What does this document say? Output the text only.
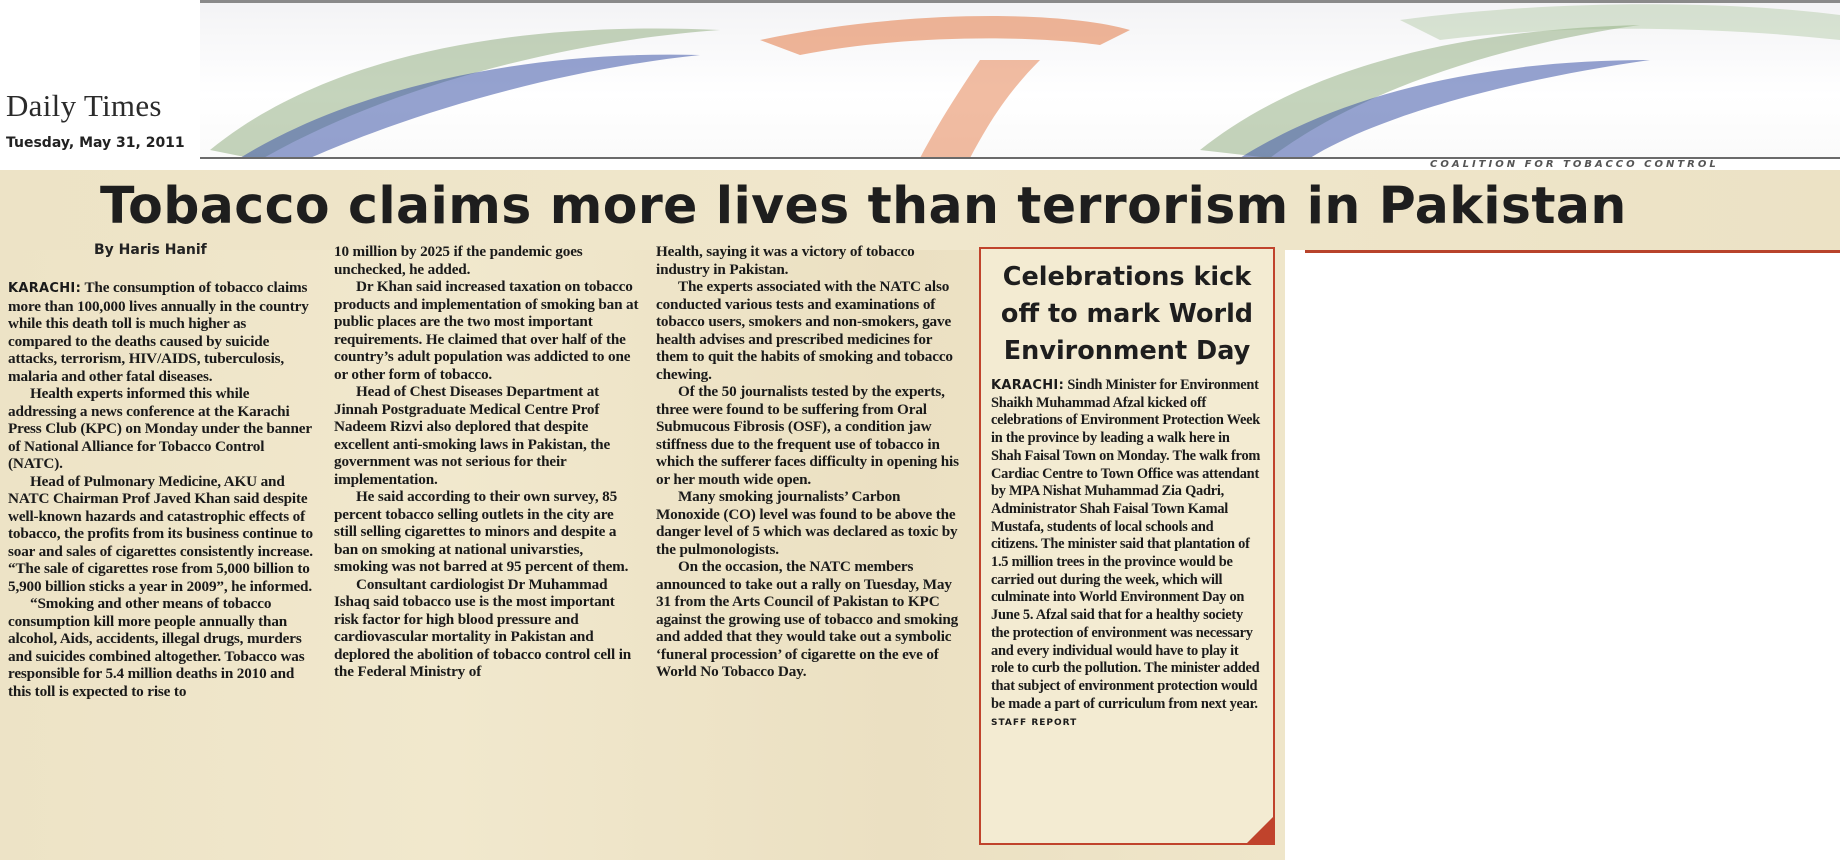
Daily Times
Tuesday, May 31, 2011
COALITION FOR TOBACCO CONTROL
Tobacco claims more lives than terrorism in Pakistan
By Haris Hanif

KARACHI: The consumption of tobacco claims more than 100,000 lives annually in the country while this death toll is much higher as compared to the deaths caused by suicide attacks, terrorism, HIV/AIDS, tuberculosis, malaria and other fatal diseases.

Health experts informed this while addressing a news conference at the Karachi Press Club (KPC) on Monday under the banner of National Alliance for Tobacco Control (NATC).

Head of Pulmonary Medicine, AKU and NATC Chairman Prof Javed Khan said despite well-known hazards and catastrophic effects of tobacco, the profits from its business continue to soar and sales of cigarettes consistently increase. “The sale of cigarettes rose from 5,000 billion to 5,900 billion sticks a year in 2009”, he informed.

“Smoking and other means of tobacco consumption kill more people annually than alcohol, Aids, accidents, illegal drugs, murders and suicides combined altogether. Tobacco was responsible for 5.4 million deaths in 2010 and this toll is expected to rise to

10 million by 2025 if the pandemic goes unchecked, he added.

Dr Khan said increased taxation on tobacco products and implementation of smoking ban at public places are the two most important requirements. He claimed that over half of the country’s adult population was addicted to one or other form of tobacco.

Head of Chest Diseases Department at Jinnah Postgraduate Medical Centre Prof Nadeem Rizvi also deplored that despite excellent anti-smoking laws in Pakistan, the government was not serious for their implementation.

He said according to their own survey, 85 percent tobacco selling outlets in the city are still selling cigarettes to minors and despite a ban on smoking at national univarsties, smoking was not barred at 95 percent of them.

Consultant cardiologist Dr Muhammad Ishaq said tobacco use is the most important risk factor for high blood pressure and cardiovascular mortality in Pakistan and deplored the abolition of tobacco control cell in the Federal Ministry of

Health, saying it was a victory of tobacco industry in Pakistan.

The experts associated with the NATC also conducted various tests and examinations of tobacco users, smokers and non-smokers, gave health advises and prescribed medicines for them to quit the habits of smoking and tobacco chewing.

Of the 50 journalists tested by the experts, three were found to be suffering from Oral Submucous Fibrosis (OSF), a condition jaw stiffness due to the frequent use of tobacco in which the sufferer faces difficulty in opening his or her mouth wide open.

Many smoking journalists’ Carbon Monoxide (CO) level was found to be above the danger level of 5 which was declared as toxic by the pulmonologists.

On the occasion, the NATC members announced to take out a rally on Tuesday, May 31 from the Arts Council of Pakistan to KPC against the growing use of tobacco and smoking and added that they would take out a symbolic ‘funeral procession’ of cigarette on the eve of World No Tobacco Day.

Celebrations kick off to mark World Environment Day

KARACHI: Sindh Minister for Environment Shaikh Muhammad Afzal kicked off celebrations of Environment Protection Week in the province by leading a walk here in Shah Faisal Town on Monday. The walk from Cardiac Centre to Town Office was attendant by MPA Nishat Muhammad Zia Qadri, Administrator Shah Faisal Town Kamal Mustafa, students of local schools and citizens. The minister said that plantation of 1.5 million trees in the province would be carried out during the week, which will culminate into World Environment Day on June 5. Afzal said that for a healthy society the protection of environment was necessary and every individual would have to play it role to curb the pollution. The minister added that subject of environment protection would be made a part of curriculum from next year. STAFF REPORT
